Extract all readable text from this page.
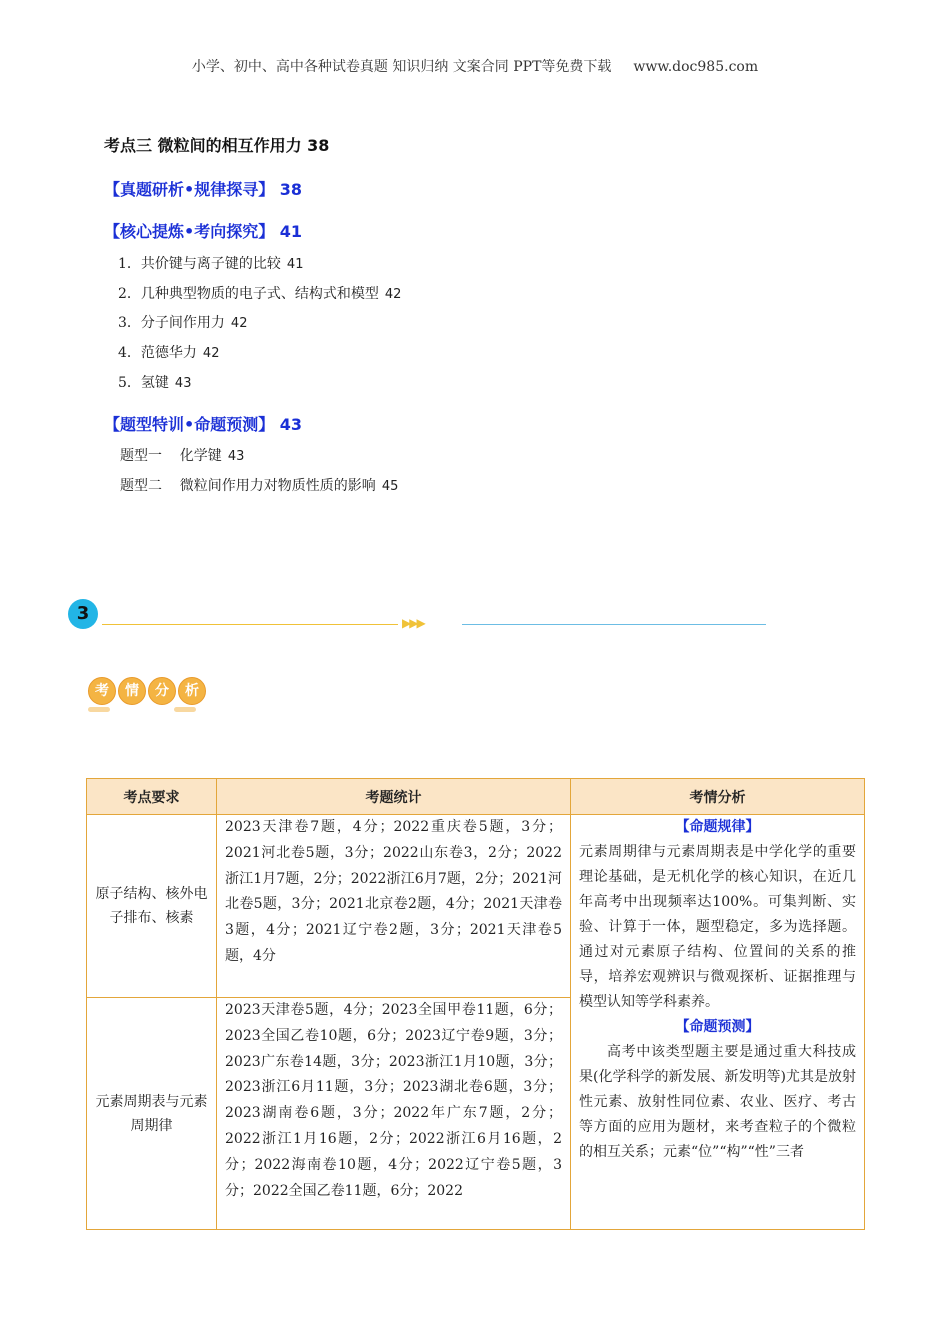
小学、初中、高中各种试卷真题 知识归纳 文案合同 PPT等免费下载 www.doc985.com
考点三 微粒间的相互作用力 38
【真题研析•规律探寻】 38
【核心提炼•考向探究】 41
1．共价键与离子键的比较 41
2．几种典型物质的电子式、结构式和模型 42
3．分子间作用力 42
4．范德华力 42
5．氢键 43
【题型特训•命题预测】 43
题型一    化学键 43
题型二    微粒间作用力对物质性质的影响 45
3	▶▶▶
考	情	分	析
考点要求	考题统计	考情分析
原子结构、核外电子排布、核素	2023天津卷7题，4分；2022重庆卷5题，3分；2021河北卷5题，3分；2022山东卷3，2分；2022浙江1月7题，2分；2022浙江6月7题，2分；2021河北卷5题，3分；2021北京卷2题，4分；2021天津卷3题，4分；2021辽宁卷2题，3分；2021天津卷5题，4分	【命题规律】

元素周期律与元素周期表是中学化学的重要理论基础，是无机化学的核心知识，在近几年高考中出现频率达100%。可集判断、实验、计算于一体，题型稳定，多为选择题。通过对元素原子结构、位置间的关系的推导，培养宏观辨识与微观探析、证据推理与模型认知等学科素养。

【命题预测】

高考中该类型题主要是通过重大科技成果(化学科学的新发展、新发明等)尤其是放射性元素、放射性同位素、农业、医疗、考古等方面的应用为题材，来考查粒子的个微粒的相互关系；元素“位”“构”“性”三者

元素周期表与元素周期律	2023天津卷5题，4分；2023全国甲卷11题，6分；2023全国乙卷10题，6分；2023辽宁卷9题，3分；2023广东卷14题，3分；2023浙江1月10题，3分；2023浙江6月11题，3分；2023湖北卷6题，3分；2023湖南卷6题，3分；2022年广东7题，2分；2022浙江1月16题，2分；2022浙江6月16题，2分；2022海南卷10题，4分；2022辽宁卷5题，3分；2022全国乙卷11题，6分；2022	
